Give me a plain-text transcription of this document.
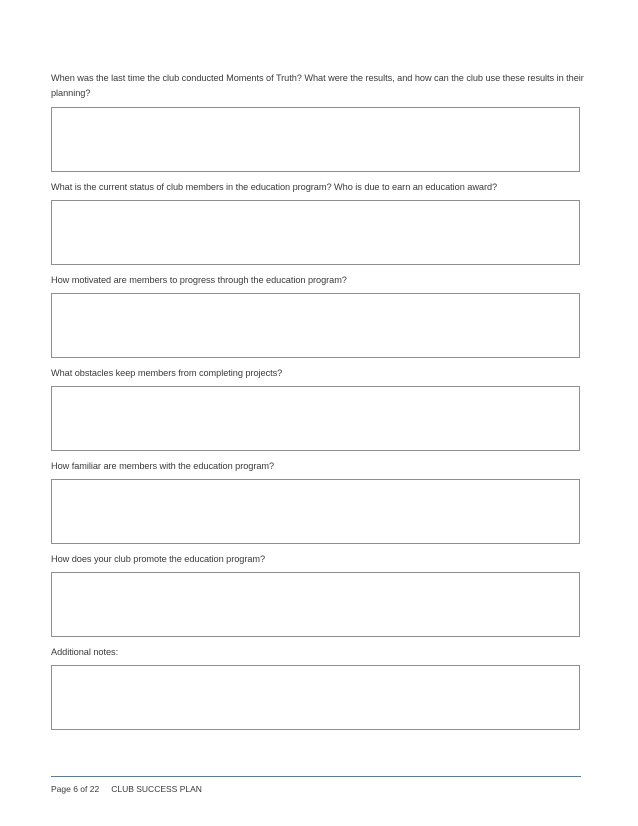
When was the last time the club conducted Moments of Truth? What were the results, and how can the club use these results in their planning?
What is the current status of club members in the education program? Who is due to earn an education award?
How motivated are members to progress through the education program?
What obstacles keep members from completing projects?
How familiar are members with the education program?
How does your club promote the education program?
Additional notes:
Page 6 of 22 CLUB SUCCESS PLAN
